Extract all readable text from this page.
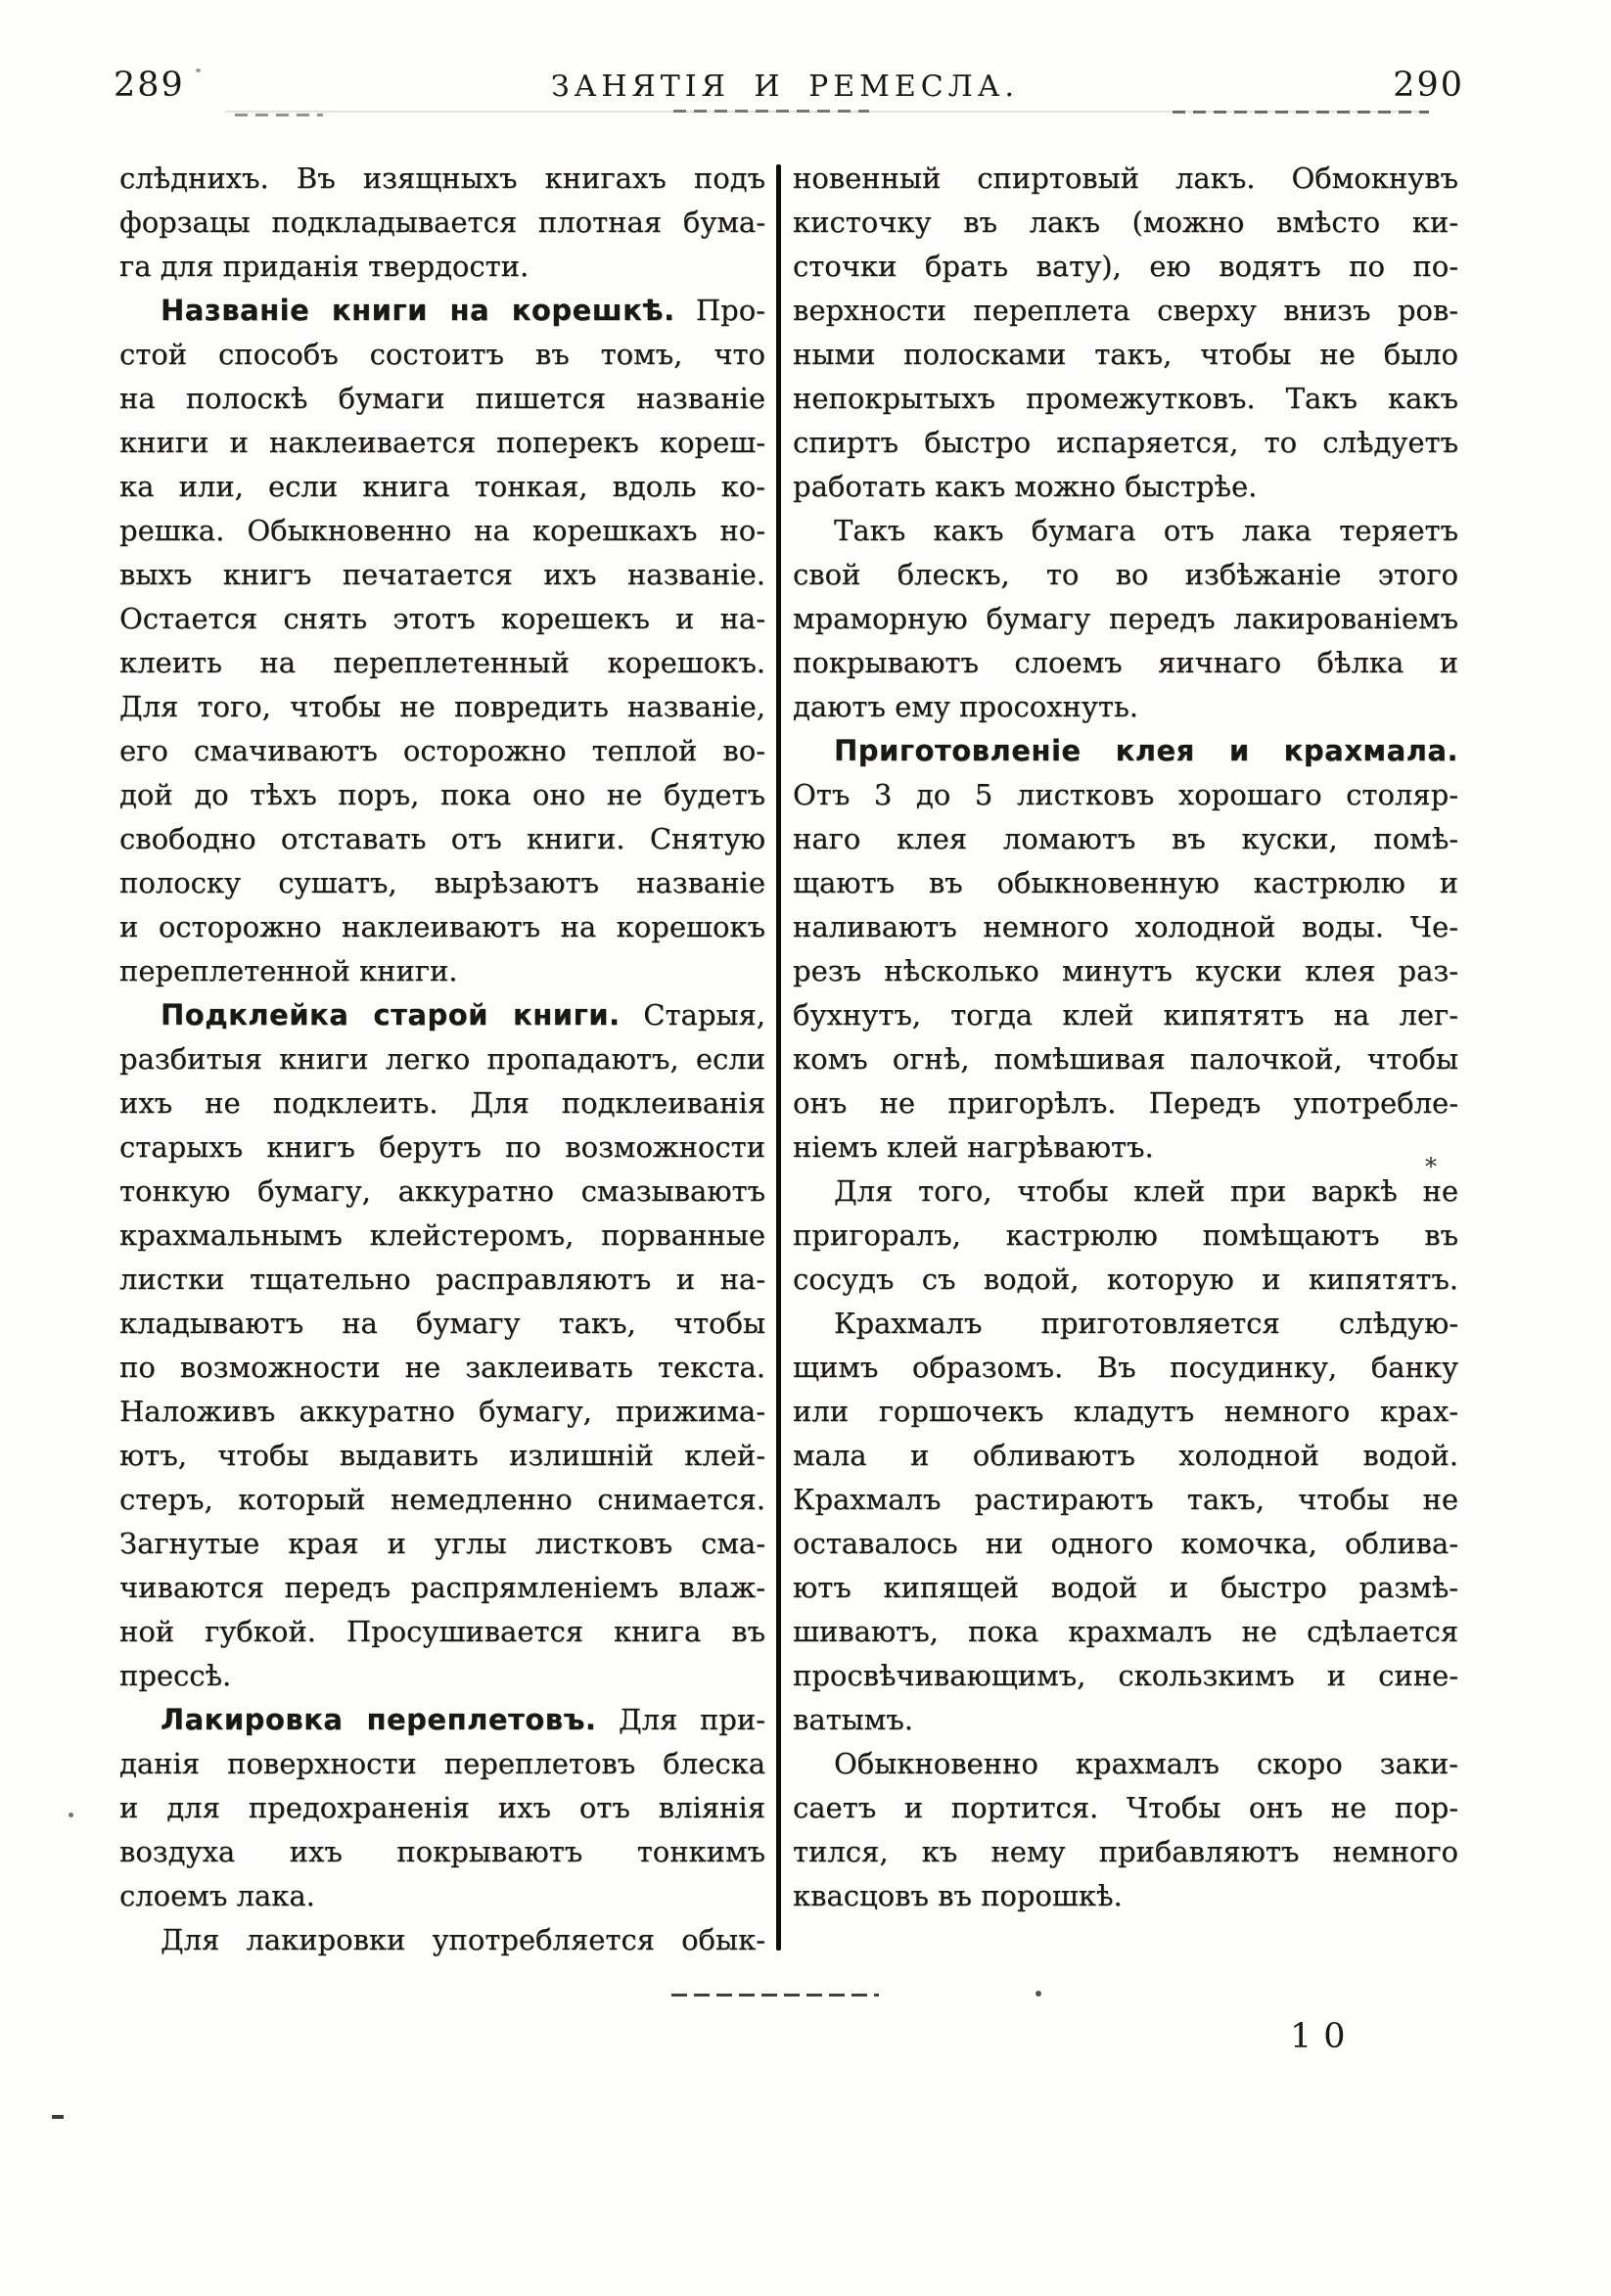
289	ЗАНЯТІЯ И РЕМЕСЛА.	290
слѣднихъ. Въ изящныхъ книгахъ подъ
форзацы подкладывается плотная бума-
га для приданія твердости.
Названіе книги на корешкѣ. Про-
стой способъ состоитъ въ томъ, что
на полоскѣ бумаги пишется названіе
книги и наклеивается поперекъ кореш-
ка или, если книга тонкая, вдоль ко-
решка. Обыкновенно на корешкахъ но-
выхъ книгъ печатается ихъ названіе.
Остается снять этотъ корешекъ и на-
клеить на переплетенный корешокъ.
Для того, чтобы не повредить названіе,
его смачиваютъ осторожно теплой во-
дой до тѣхъ поръ, пока оно не будетъ
свободно отставать отъ книги. Снятую
полоску сушатъ, вырѣзаютъ названіе
и осторожно наклеиваютъ на корешокъ
переплетенной книги.
Подклейка старой книги. Старыя,
разбитыя книги легко пропадаютъ, если
ихъ не подклеить. Для подклеиванія
старыхъ книгъ берутъ по возможности
тонкую бумагу, аккуратно смазываютъ
крахмальнымъ клейстеромъ, порванные
листки тщательно расправляютъ и на-
кладываютъ на бумагу такъ, чтобы
по возможности не заклеивать текста.
Наложивъ аккуратно бумагу, прижима-
ютъ, чтобы выдавить излишній клей-
стеръ, который немедленно снимается.
Загнутые края и углы листковъ сма-
чиваются передъ распрямленіемъ влаж-
ной губкой. Просушивается книга въ
прессѣ.
Лакировка переплетовъ. Для при-
данія поверхности переплетовъ блеска
и для предохраненія ихъ отъ вліянія
воздуха ихъ покрываютъ тонкимъ
слоемъ лака.
Для лакировки употребляется обык-
новенный спиртовый лакъ. Обмокнувъ
кисточку въ лакъ (можно вмѣсто ки-
сточки брать вату), ею водятъ по по-
верхности переплета сверху внизъ ров-
ными полосками такъ, чтобы не было
непокрытыхъ промежутковъ. Такъ какъ
спиртъ быстро испаряется, то слѣдуетъ
работать какъ можно быстрѣе.
Такъ какъ бумага отъ лака теряетъ
свой блескъ, то во избѣжаніе этого
мраморную бумагу передъ лакированіемъ
покрываютъ слоемъ яичнаго бѣлка и
даютъ ему просохнуть.
Приготовленіе клея и крахмала.
Отъ 3 до 5 листковъ хорошаго столяр-
наго клея ломаютъ въ куски, помѣ-
щаютъ въ обыкновенную кастрюлю и
наливаютъ немного холодной воды. Че-
резъ нѣсколько минутъ куски клея раз-
бухнутъ, тогда клей кипятятъ на лег-
комъ огнѣ, помѣшивая палочкой, чтобы
онъ не пригорѣлъ. Передъ употребле-
ніемъ клей нагрѣваютъ.
Для того, чтобы клей при варкѣ не
пригоралъ, кастрюлю помѣщаютъ въ
сосудъ съ водой, которую и кипятятъ.
Крахмалъ приготовляется слѣдую-
щимъ образомъ. Въ посудинку, банку
или горшочекъ кладутъ немного крах-
мала и обливаютъ холодной водой.
Крахмалъ растираютъ такъ, чтобы не
оставалось ни одного комочка, облива-
ютъ кипящей водой и быстро размѣ-
шиваютъ, пока крахмалъ не сдѣлается
просвѣчивающимъ, скользкимъ и сине-
ватымъ.
Обыкновенно крахмалъ скоро заки-
саетъ и портится. Чтобы онъ не пор-
тился, къ нему прибавляютъ немного
квасцовъ въ порошкѣ.
*
10
